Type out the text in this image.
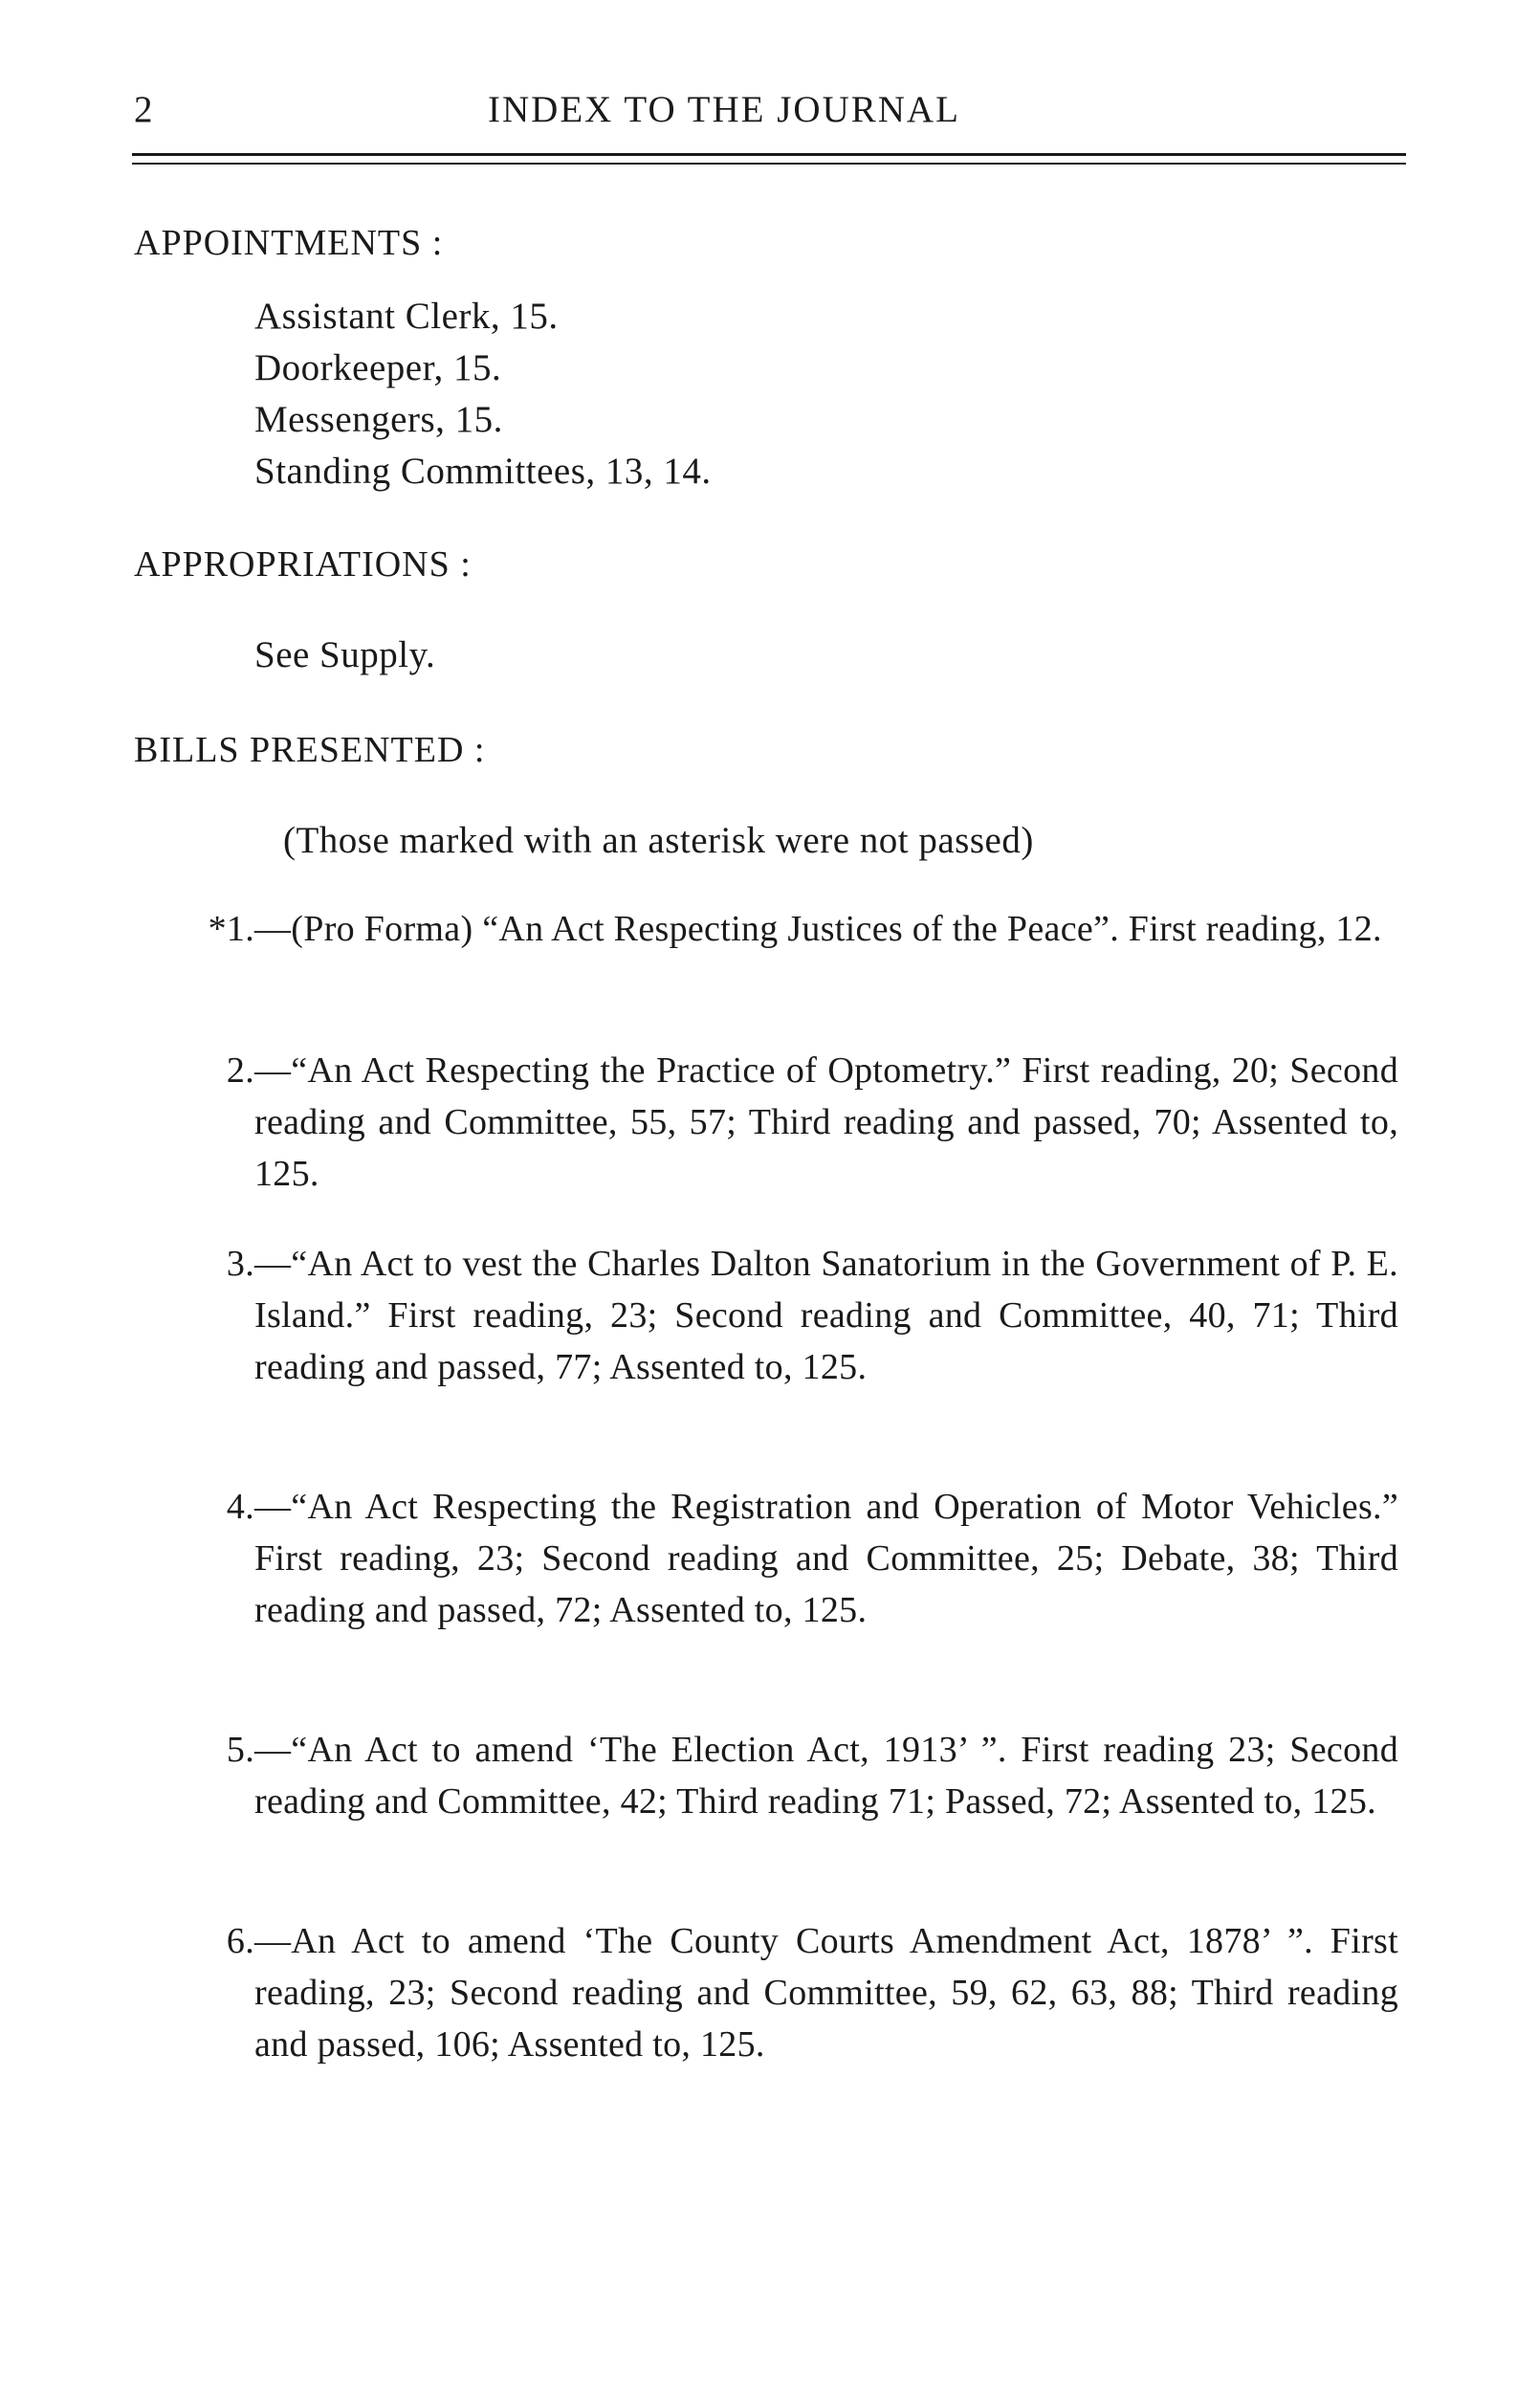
2	INDEX TO THE JOURNAL
APPOINTMENTS :
Assistant Clerk, 15.
Doorkeeper, 15.
Messengers, 15.
Standing Committees, 13, 14.
APPROPRIATIONS :
See Supply.
BILLS PRESENTED :
(Those marked with an asterisk were not passed)
*1. —(Pro Forma) “An Act Respecting Justices of the Peace”. First reading, 12.
2. —“An Act Respecting the Practice of Optometry.” First reading, 20; Second reading and Committee, 55, 57; Third reading and passed, 70; Assented to, 125.
3. —“An Act to vest the Charles Dalton Sanatorium in the Government of P. E. Island.” First reading, 23; Second reading and Committee, 40, 71; Third reading and passed, 77; Assented to, 125.
4. —“An Act Respecting the Registration and Operation of Motor Vehicles.” First reading, 23; Second reading and Committee, 25; Debate, 38; Third reading and passed, 72; Assented to, 125.
5. —“An Act to amend ‘The Election Act, 1913’ ”. First reading 23; Second reading and Committee, 42; Third reading 71; Passed, 72; Assented to, 125.
6. —An Act to amend ‘The County Courts Amendment Act, 1878’ ”. First reading, 23; Second reading and Committee, 59, 62, 63, 88; Third reading and passed, 106; Assented to, 125.
